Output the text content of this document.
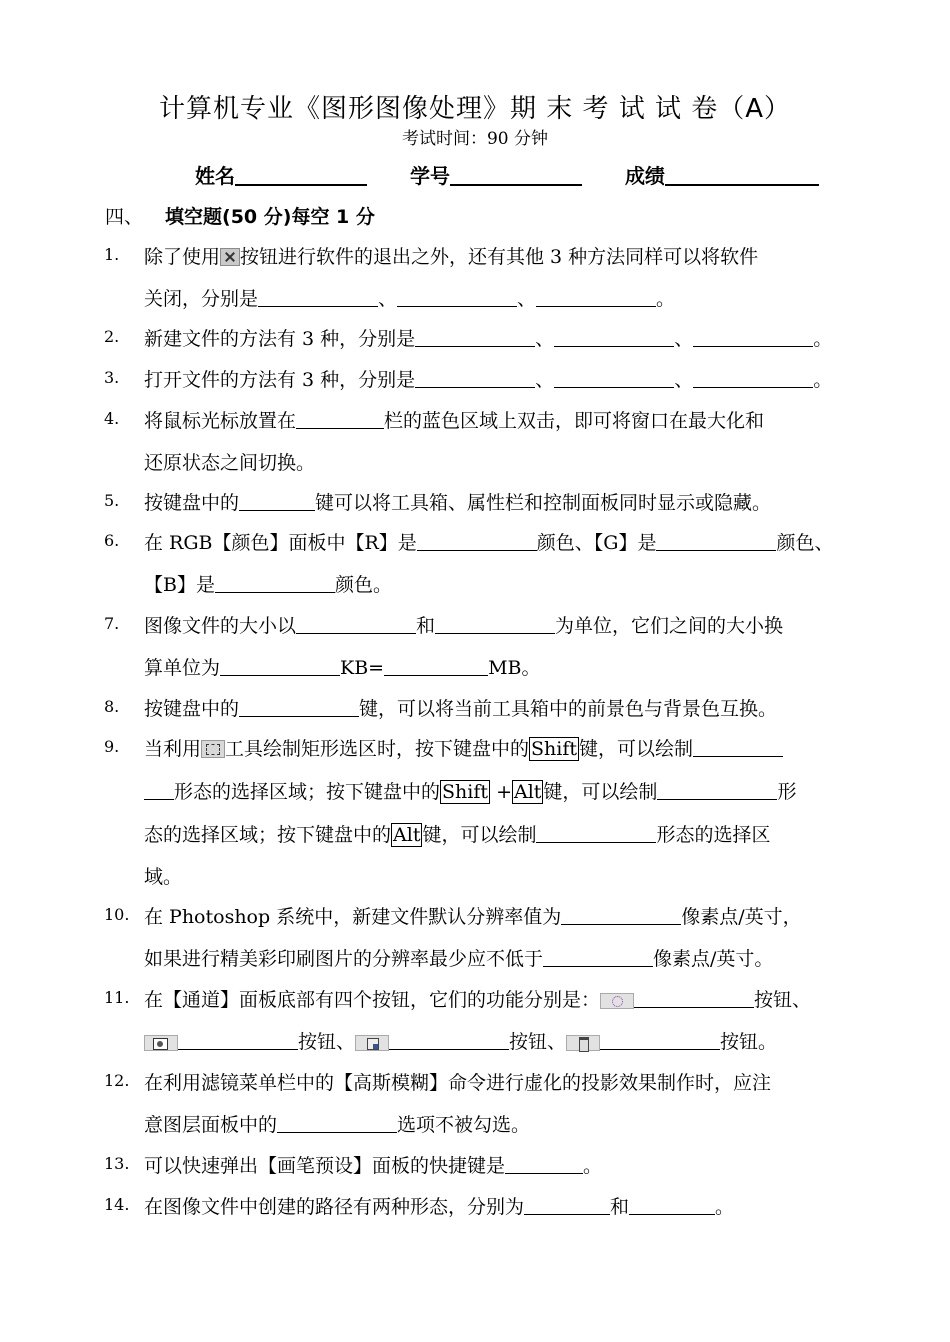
计算机专业《图形图像处理》期 末 考 试 试 卷（A）
考试时间：90 分钟
姓名	学号	成绩
四、 填空题(50 分)每空 1 分
1. 除了使用 按钮进行软件的退出之外，还有其他 3 种方法同样可以将软件
关闭，分别是	、	、	。
2. 新建文件的方法有 3 种，分别是	、	、	。
3. 打开文件的方法有 3 种，分别是	、	、	。
4. 将鼠标光标放置在	栏的蓝色区域上双击，即可将窗口在最大化和
还原状态之间切换。
5. 按键盘中的	键可以将工具箱、属性栏和控制面板同时显示或隐藏。
6. 在 RGB【颜色】面板中【R】是	颜色、【G】是	颜色、
【B】是	颜色。
7. 图像文件的大小以	和	为单位，它们之间的大小换
算单位为	KB=	MB。
8. 按键盘中的	键，可以将当前工具箱中的前景色与背景色互换。
9. 当利用 工具绘制矩形选区时，按下键盘中的 Shift 键，可以绘制
形态的选择区域；按下键盘中的 Shift + Alt 键，可以绘制	形
态的选择区域；按下键盘中的 Alt 键，可以绘制	形态的选择区
域。
10. 在 Photoshop 系统中，新建文件默认分辨率值为	像素点/英寸，
如果进行精美彩印刷图片的分辨率最少应不低于	像素点/英寸。
11. 在【通道】面板底部有四个按钮，它们的功能分别是：	按钮、
按钮、	按钮、	按钮。
12. 在利用滤镜菜单栏中的【高斯模糊】命令进行虚化的投影效果制作时，应注
意图层面板中的	选项不被勾选。
13. 可以快速弹出【画笔预设】面板的快捷键是	。
14. 在图像文件中创建的路径有两种形态，分别为	和	。
